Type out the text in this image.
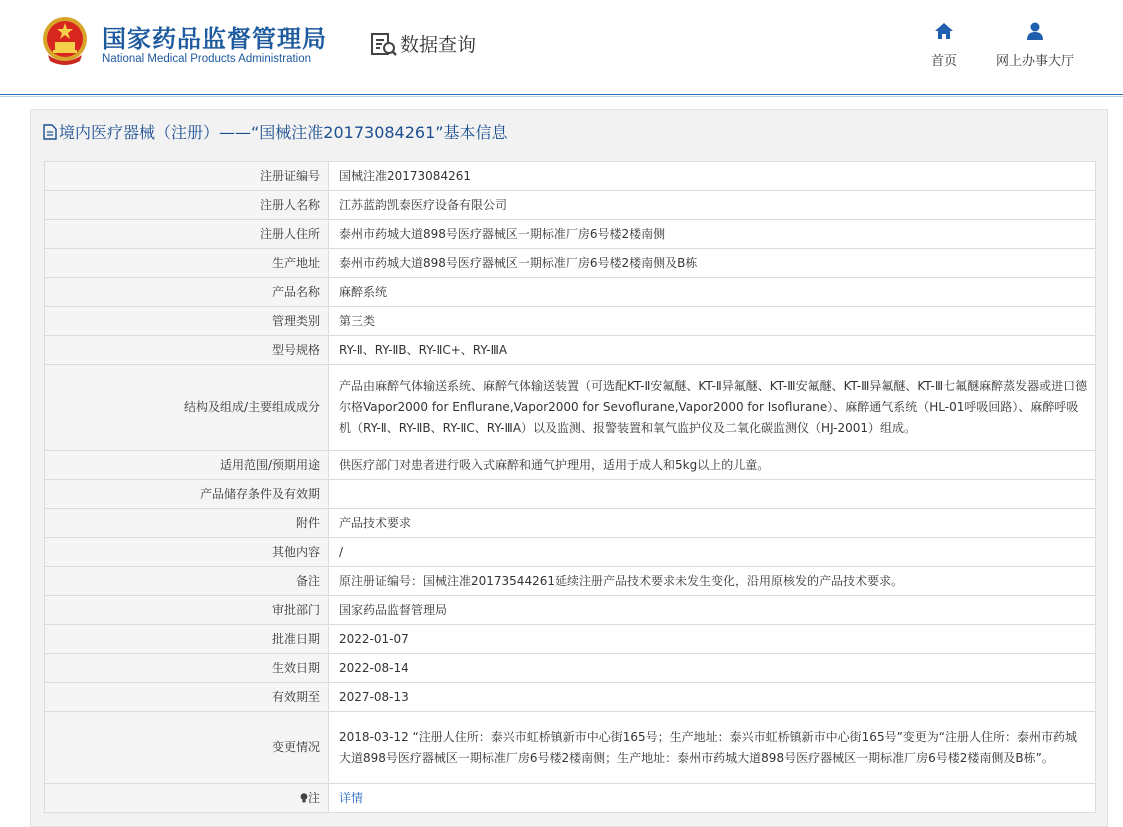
国家药品监督管理局
National Medical Products Administration
数据查询
首页	网上办事大厅
境内医疗器械（注册）——“国械注准20173084261”基本信息
注册证编号	国械注准20173084261
注册人名称	江苏蓝韵凯泰医疗设备有限公司
注册人住所	泰州市药城大道898号医疗器械区一期标准厂房6号楼2楼南侧
生产地址	泰州市药城大道898号医疗器械区一期标准厂房6号楼2楼南侧及B栋
产品名称	麻醉系统
管理类别	第三类
型号规格	RY-Ⅱ、RY-ⅡB、RY-ⅡC+、RY-ⅢA
结构及组成/主要组成成分	产品由麻醉气体输送系统、麻醉气体输送装置（可选配KT-Ⅱ安氟醚、KT-Ⅱ异氟醚、KT-Ⅲ安氟醚、KT-Ⅲ异氟醚、KT-Ⅲ七氟醚麻醉蒸发器或进口德尔格Vapor2000 for Enflurane,Vapor2000 for Sevoflurane,Vapor2000 for Isoflurane）、麻醉通气系统（HL-01呼吸回路）、麻醉呼吸机（RY-Ⅱ、RY-ⅡB、RY-ⅡC、RY-ⅢA）以及监测、报警装置和氧气监护仪及二氧化碳监测仪（HJ-2001）组成。
适用范围/预期用途	供医疗部门对患者进行吸入式麻醉和通气护理用，适用于成人和5kg以上的儿童。
产品储存条件及有效期	
附件	产品技术要求
其他内容	/
备注	原注册证编号：国械注准20173544261延续注册产品技术要求未发生变化，沿用原核发的产品技术要求。
审批部门	国家药品监督管理局
批准日期	2022-01-07
生效日期	2022-08-14
有效期至	2027-08-13
变更情况	2018-03-12 “注册人住所：泰兴市虹桥镇新市中心街165号；生产地址：泰兴市虹桥镇新市中心街165号”变更为“注册人住所：泰州市药城大道898号医疗器械区一期标准厂房6号楼2楼南侧；生产地址：泰州市药城大道898号医疗器械区一期标准厂房6号楼2楼南侧及B栋”。
注	详情
